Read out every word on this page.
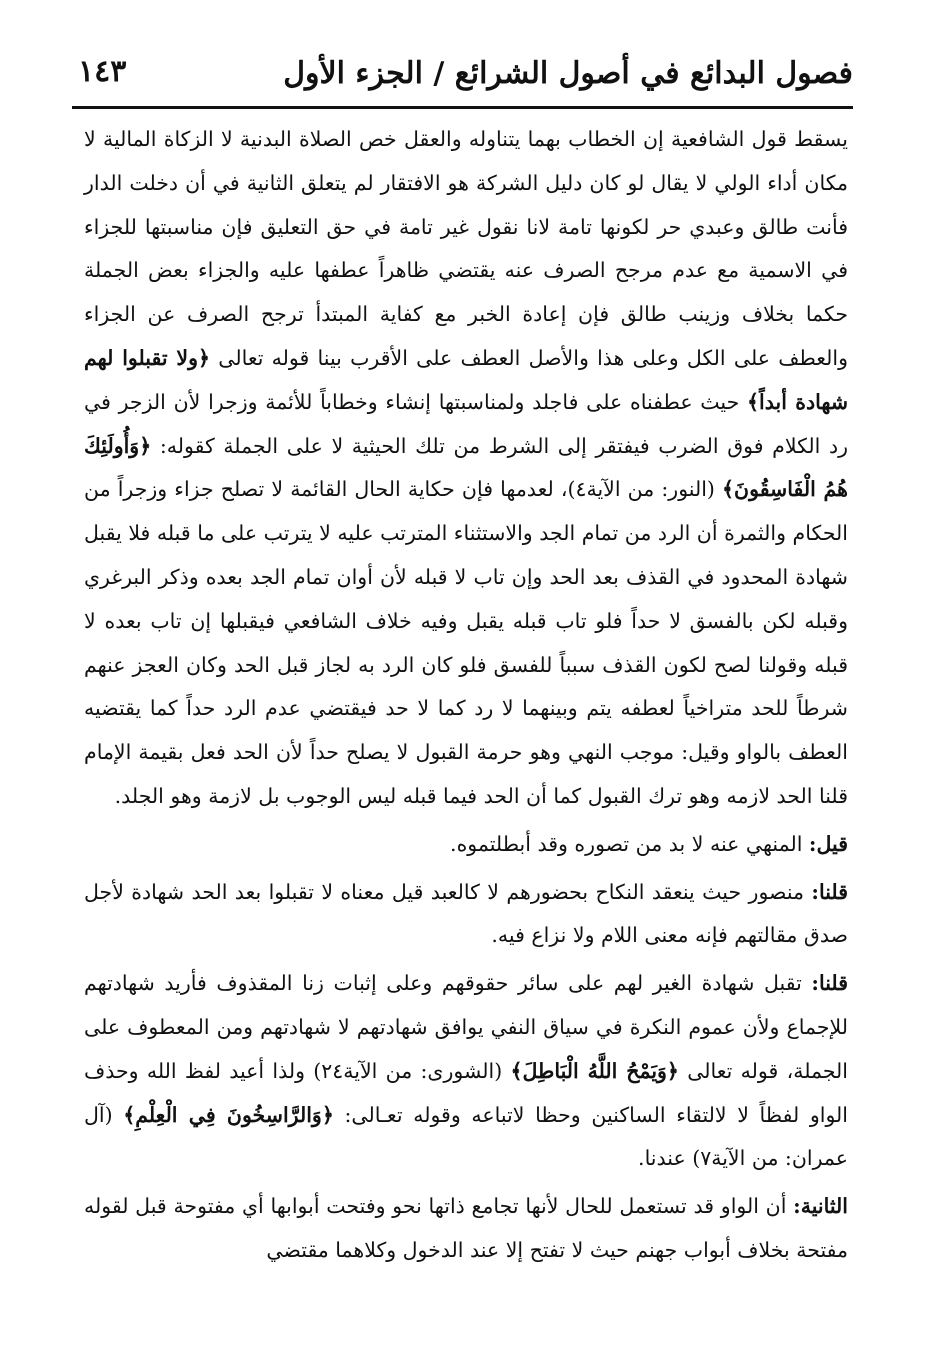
فصول البدائع في أصول الشرائع / الجزء الأول
١٤٣

يسقط قول الشافعية إن الخطاب بهما يتناوله والعقل خص الصلاة البدنية لا الزكاة المالية لا مكان أداء الولي لا يقال لو كان دليل الشركة هو الافتقار لم يتعلق الثانية في أن دخلت الدار فأنت طالق وعبدي حر لكونها تامة لانا نقول غير تامة في حق التعليق فإن مناسبتها للجزاء في الاسمية مع عدم مرجح الصرف عنه يقتضي ظاهراً عطفها عليه والجزاء بعض الجملة حكما بخلاف وزينب طالق فإن إعادة الخبر مع كفاية المبتدأ ترجح الصرف عن الجزاء والعطف على الكل وعلى هذا والأصل العطف على الأقرب بينا قوله تعالى ﴿ولا تقبلوا لهم شهادة أبداً﴾ حيث عطفناه على فاجلد ولمناسبتها إنشاء وخطاباً للأئمة وزجرا لأن الزجر في رد الكلام فوق الضرب فيفتقر إلى الشرط من تلك الحيثية لا على الجملة كقوله: ﴿وَأُولَئِكَ هُمُ الْفَاسِقُونَ﴾ (النور: من الآية٤)، لعدمها فإن حكاية الحال القائمة لا تصلح جزاء وزجراً من الحكام والثمرة أن الرد من تمام الجد والاستثناء المترتب عليه لا يترتب على ما قبله فلا يقبل شهادة المحدود في القذف بعد الحد وإن تاب لا قبله لأن أوان تمام الجد بعده وذكر البرغري وقبله لكن بالفسق لا حداً فلو تاب قبله يقبل وفيه خلاف الشافعي فيقبلها إن تاب بعده لا قبله وقولنا لصح لكون القذف سبباً للفسق فلو كان الرد به لجاز قبل الحد وكان العجز عنهم شرطاً للحد متراخياً لعطفه يتم وبينهما لا رد كما لا حد فيقتضي عدم الرد حداً كما يقتضيه العطف بالواو وقيل: موجب النهي وهو حرمة القبول لا يصلح حداً لأن الحد فعل بقيمة الإمام قلنا الحد لازمه وهو ترك القبول كما أن الحد فيما قبله ليس الوجوب بل لازمة وهو الجلد.

قيل: المنهي عنه لا بد من تصوره وقد أبطلتموه.

قلنا: منصور حيث ينعقد النكاح بحضورهم لا كالعبد قيل معناه لا تقبلوا بعد الحد شهادة لأجل صدق مقالتهم فإنه معنى اللام ولا نزاع فيه.

قلنا: تقبل شهادة الغير لهم على سائر حقوقهم وعلى إثبات زنا المقذوف فأريد شهادتهم للإجماع ولأن عموم النكرة في سياق النفي يوافق شهادتهم لا شهادتهم ومن المعطوف على الجملة، قوله تعالى ﴿وَيَمْحُ اللَّهُ الْبَاطِلَ﴾ (الشورى: من الآية٢٤) ولذا أعيد لفظ الله وحذف الواو لفظاً لا لالتقاء الساكنين وحظا لاتباعه وقوله تعـالى: ﴿وَالرَّاسِخُونَ فِي الْعِلْمِ﴾ (آل عمران: من الآية٧) عندنا.

الثانية: أن الواو قد تستعمل للحال لأنها تجامع ذاتها نحو وفتحت أبوابها أي مفتوحة قبل لقوله مفتحة بخلاف أبواب جهنم حيث لا تفتح إلا عند الدخول وكلاهما مقتضي
